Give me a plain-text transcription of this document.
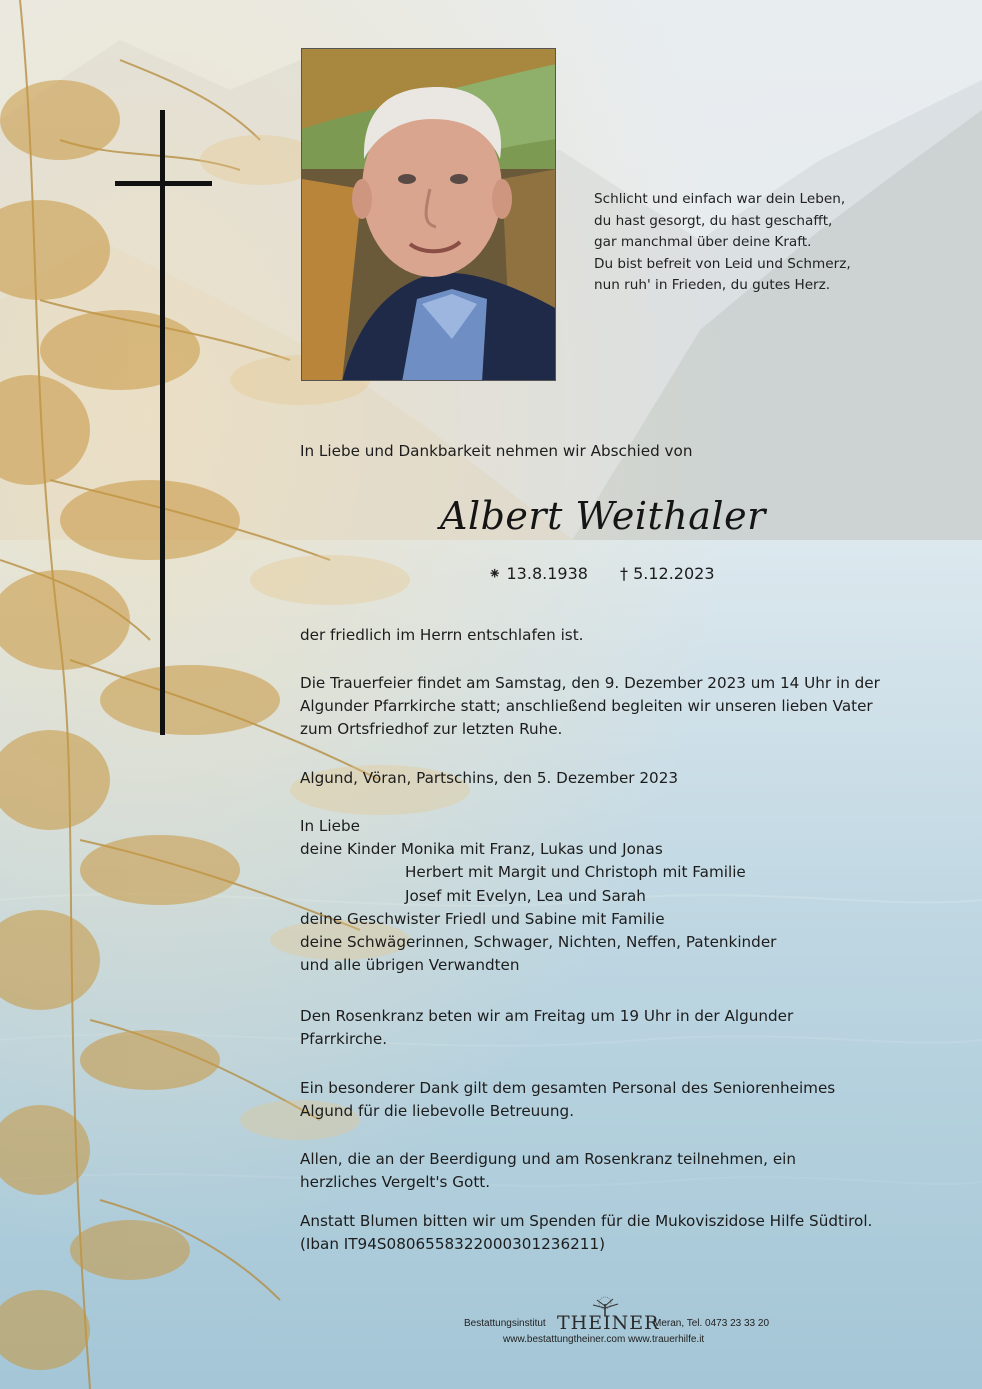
Schlicht und einfach war dein Leben,
du hast gesorgt, du hast geschafft,
gar manchmal über deine Kraft.
Du bist befreit von Leid und Schmerz,
nun ruh' in Frieden, du gutes Herz.
In Liebe und Dankbarkeit nehmen wir Abschied von
Albert Weithaler
⁕ 13.8.1938 † 5.12.2023
der friedlich im Herrn entschlafen ist.
Die Trauerfeier findet am Samstag, den 9. Dezember 2023 um 14 Uhr in der
Algunder Pfarrkirche statt; anschließend begleiten wir unseren lieben Vater
zum Ortsfriedhof zur letzten Ruhe.
Algund, Vöran, Partschins, den 5. Dezember 2023
In Liebe
deine Kinder Monika mit Franz, Lukas und Jonas
Herbert mit Margit und Christoph mit Familie
Josef mit Evelyn, Lea und Sarah
deine Geschwister Friedl und Sabine mit Familie
deine Schwägerinnen, Schwager, Nichten, Neffen, Patenkinder
und alle übrigen Verwandten
Den Rosenkranz beten wir am Freitag um 19 Uhr in der Algunder
Pfarrkirche.
Ein besonderer Dank gilt dem gesamten Personal des Seniorenheimes
Algund für die liebevolle Betreuung.
Allen, die an der Beerdigung und am Rosenkranz teilnehmen, ein
herzliches Vergelt's Gott.
Anstatt Blumen bitten wir um Spenden für die Mukoviszidose Hilfe Südtirol.
(Iban IT94S0806558322000301236211)
Bestattungsinstitut THEINER
Meran, Tel. 0473 23 33 20
www.bestattungtheiner.com www.trauerhilfe.it
